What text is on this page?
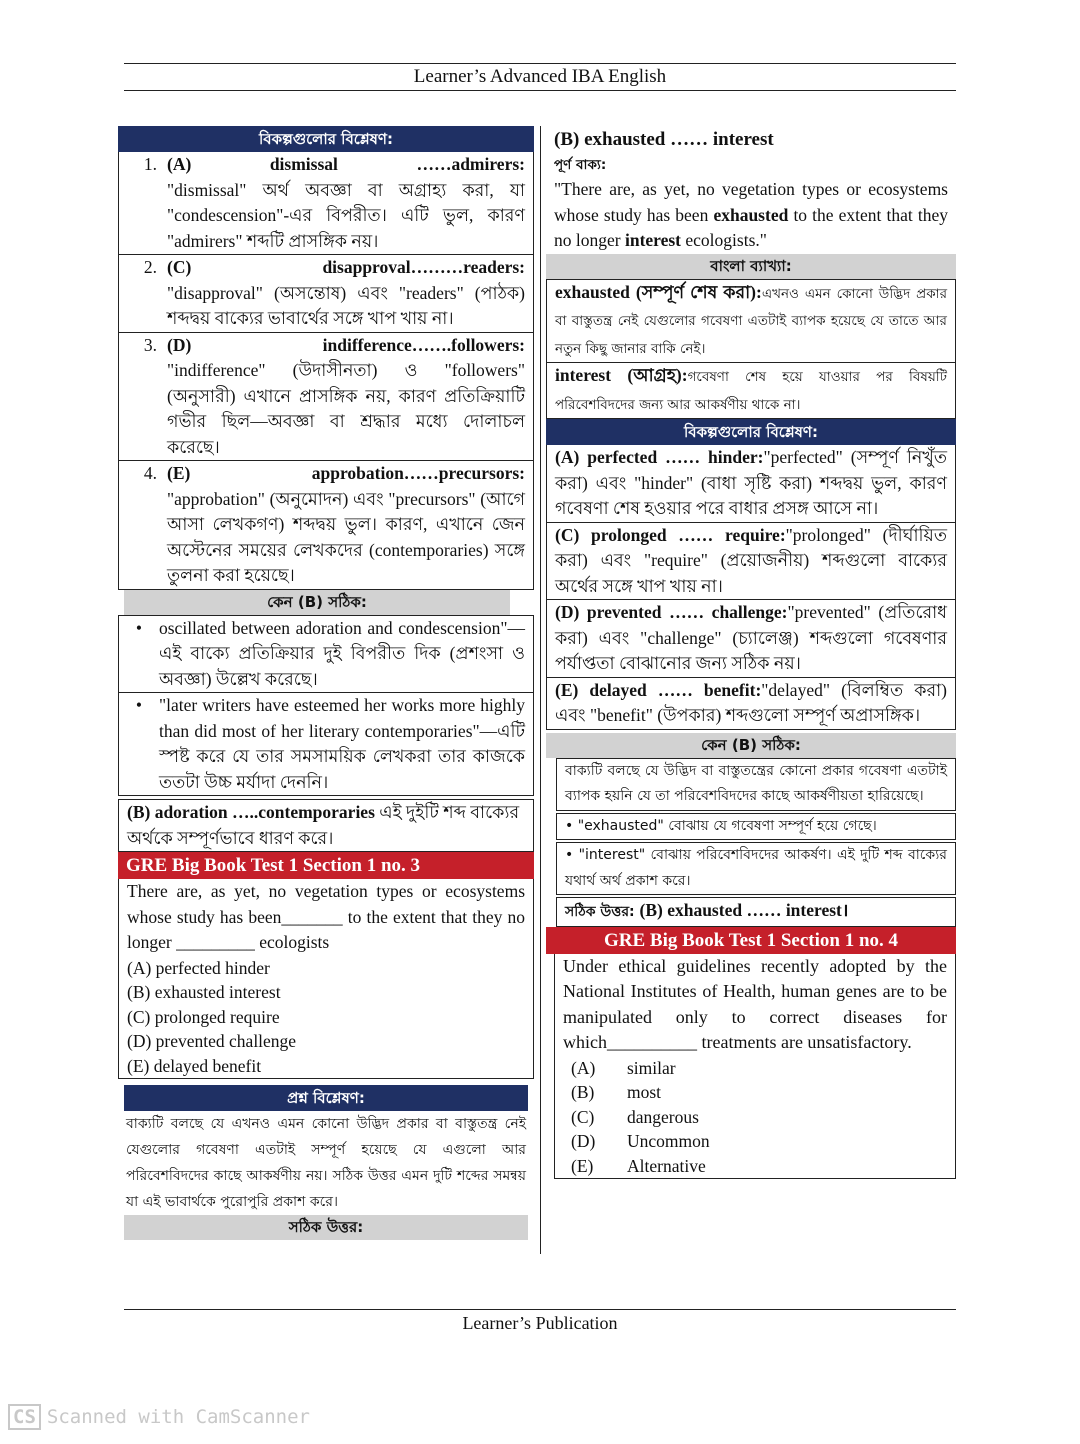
Learner’s Advanced IBA English
বিকল্পগুলোর বিশ্লেষণ:
1. (A)	dismissal	……admirers:
"dismissal" অর্থ অবজ্ঞা বা অগ্রাহ্য করা, যা "condescension"-এর বিপরীত। এটি ভুল, কারণ "admirers" শব্দটি প্রাসঙ্গিক নয়।
2. (C)	disapproval………readers:
"disapproval" (অসন্তোষ) এবং "readers" (পাঠক) শব্দদ্বয় বাক্যের ভাবার্থের সঙ্গে খাপ খায় না।
3. (D)	indifference…….followers:
"indifference" (উদাসীনতা) ও "followers" (অনুসারী) এখানে প্রাসঙ্গিক নয়, কারণ প্রতিক্রিয়াটি গভীর ছিল—অবজ্ঞা বা শ্রদ্ধার মধ্যে দোলাচল করেছে।
4. (E)	approbation……precursors:
"approbation" (অনুমোদন) এবং "precursors" (আগে আসা লেখকগণ) শব্দদ্বয় ভুল। কারণ, এখানে জেন অস্টেনের সময়ের লেখকদের (contemporaries) সঙ্গে তুলনা করা হয়েছে।
কেন (B) সঠিক:
• oscillated between adoration and condescension"—এই বাক্যে প্রতিক্রিয়ার দুই বিপরীত দিক (প্রশংসা ও অবজ্ঞা) উল্লেখ করেছে।
• "later writers have esteemed her works more highly than did most of her literary contemporaries"—এটি স্পষ্ট করে যে তার সমসাময়িক লেখকরা তার কাজকে ততটা উচ্চ মর্যাদা দেননি।
(B) adoration …..contemporaries এই দুইটি শব্দ বাক্যের অর্থকে সম্পূর্ণভাবে ধারণ করে।
GRE Big Book Test 1 Section 1 no. 3
There are, as yet, no vegetation types or ecosystems whose study has been_______ to the extent that they no longer _________ ecologists
(A) perfected hinder
(B) exhausted interest
(C) prolonged require
(D) prevented challenge
(E) delayed benefit
প্রশ্ন বিশ্লেষণ:
বাক্যটি বলছে যে এখনও এমন কোনো উদ্ভিদ প্রকার বা বাস্তুতন্ত্র নেই যেগুলোর গবেষণা এতটাই সম্পূর্ণ হয়েছে যে এগুলো আর পরিবেশবিদদের কাছে আকর্ষণীয় নয়। সঠিক উত্তর এমন দুটি শব্দের সমন্বয় যা এই ভাবার্থকে পুরোপুরি প্রকাশ করে।
সঠিক উত্তর:
(B) exhausted …… interest
পূর্ণ বাক্য:
"There are, as yet, no vegetation types or ecosystems whose study has been exhausted to the extent that they no longer interest ecologists."
বাংলা ব্যাখ্যা:
exhausted (সম্পূর্ণ শেষ করা):এখনও এমন কোনো উদ্ভিদ প্রকার বা বাস্তুতন্ত্র নেই যেগুলোর গবেষণা এতটাই ব্যাপক হয়েছে যে তাতে আর নতুন কিছু জানার বাকি নেই।
interest (আগ্রহ):গবেষণা শেষ হয়ে যাওয়ার পর বিষয়টি পরিবেশবিদদের জন্য আর আকর্ষণীয় থাকে না।
বিকল্পগুলোর বিশ্লেষণ:
(A) perfected …… hinder:"perfected" (সম্পূর্ণ নিখুঁত করা) এবং "hinder" (বাধা সৃষ্টি করা) শব্দদ্বয় ভুল, কারণ গবেষণা শেষ হওয়ার পরে বাধার প্রসঙ্গ আসে না।
(C) prolonged …… require:"prolonged" (দীর্ঘায়িত করা) এবং "require" (প্রয়োজনীয়) শব্দগুলো বাক্যের অর্থের সঙ্গে খাপ খায় না।
(D) prevented …… challenge:"prevented" (প্রতিরোধ করা) এবং "challenge" (চ্যালেঞ্জ) শব্দগুলো গবেষণার পর্যাপ্ততা বোঝানোর জন্য সঠিক নয়।
(E) delayed …… benefit:"delayed" (বিলম্বিত করা) এবং "benefit" (উপকার) শব্দগুলো সম্পূর্ণ অপ্রাসঙ্গিক।
কেন (B) সঠিক:
বাক্যটি বলছে যে উদ্ভিদ বা বাস্তুতন্ত্রের কোনো প্রকার গবেষণা এতটাই ব্যাপক হয়নি যে তা পরিবেশবিদদের কাছে আকর্ষণীয়তা হারিয়েছে।
• "exhausted" বোঝায় যে গবেষণা সম্পূর্ণ হয়ে গেছে।
• "interest" বোঝায় পরিবেশবিদদের আকর্ষণ। এই দুটি শব্দ বাক্যের যথার্থ অর্থ প্রকাশ করে।
সঠিক উত্তর: (B) exhausted …… interest।
GRE Big Book Test 1 Section 1 no. 4
Under ethical guidelines recently adopted by the National Institutes of Health, human genes are to be manipulated only to correct diseases for which__________ treatments are unsatisfactory.
(A)	similar
(B)	most
(C)	dangerous
(D)	Uncommon
(E)	Alternative
Learner’s Publication
CS Scanned with CamScanner
